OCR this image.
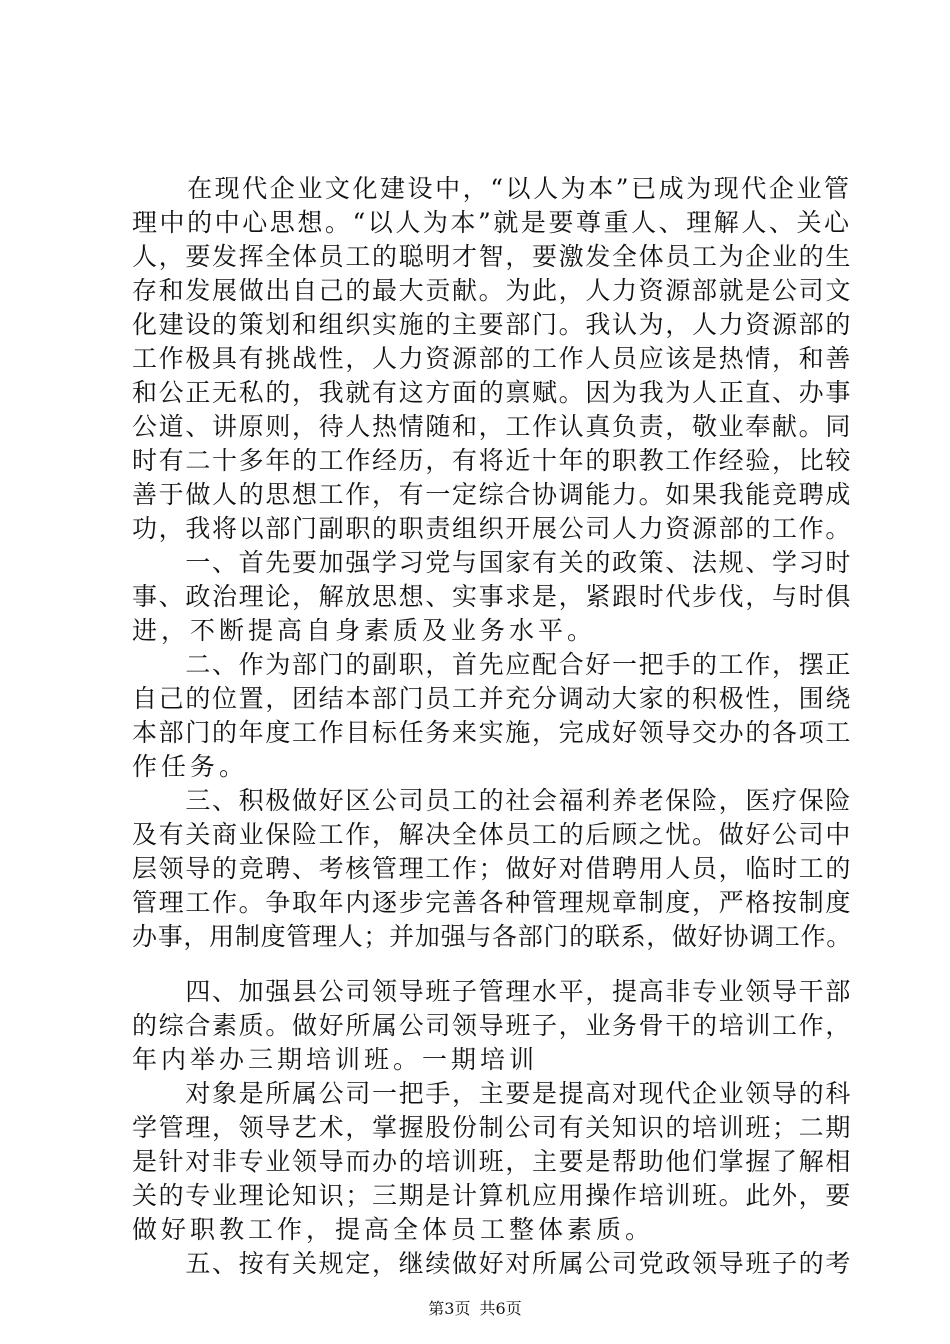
　　在现代企业文化建设中，“以人为本”已成为现代企业管
理中的中心思想。“以人为本”就是要尊重人、理解人、关心
人，要发挥全体员工的聪明才智，要激发全体员工为企业的生
存和发展做出自己的最大贡献。为此，人力资源部就是公司文
化建设的策划和组织实施的主要部门。我认为，人力资源部的
工作极具有挑战性，人力资源部的工作人员应该是热情，和善
和公正无私的，我就有这方面的禀赋。因为我为人正直、办事
公道、讲原则，待人热情随和，工作认真负责，敬业奉献。同
时有二十多年的工作经历，有将近十年的职教工作经验，比较
善于做人的思想工作，有一定综合协调能力。如果我能竞聘成
功，我将以部门副职的职责组织开展公司人力资源部的工作。
　　一、首先要加强学习党与国家有关的政策、法规、学习时
事、政治理论，解放思想、实事求是，紧跟时代步伐，与时俱
进，不断提高自身素质及业务水平。
　　二、作为部门的副职，首先应配合好一把手的工作，摆正
自己的位置，团结本部门员工并充分调动大家的积极性，围绕
本部门的年度工作目标任务来实施，完成好领导交办的各项工
作任务。
　　三、积极做好区公司员工的社会福利养老保险，医疗保险
及有关商业保险工作，解决全体员工的后顾之忧。做好公司中
层领导的竞聘、考核管理工作；做好对借聘用人员，临时工的
管理工作。争取年内逐步完善各种管理规章制度，严格按制度
办事，用制度管理人；并加强与各部门的联系，做好协调工作。
　　四、加强县公司领导班子管理水平，提高非专业领导干部
的综合素质。做好所属公司领导班子，业务骨干的培训工作，
年内举办三期培训班。一期培训
　　对象是所属公司一把手，主要是提高对现代企业领导的科
学管理，领导艺术，掌握股份制公司有关知识的培训班；二期
是针对非专业领导而办的培训班，主要是帮助他们掌握了解相
关的专业理论知识；三期是计算机应用操作培训班。此外，要
做好职教工作，提高全体员工整体素质。
　　五、按有关规定，继续做好对所属公司党政领导班子的考
第3页 共6页
